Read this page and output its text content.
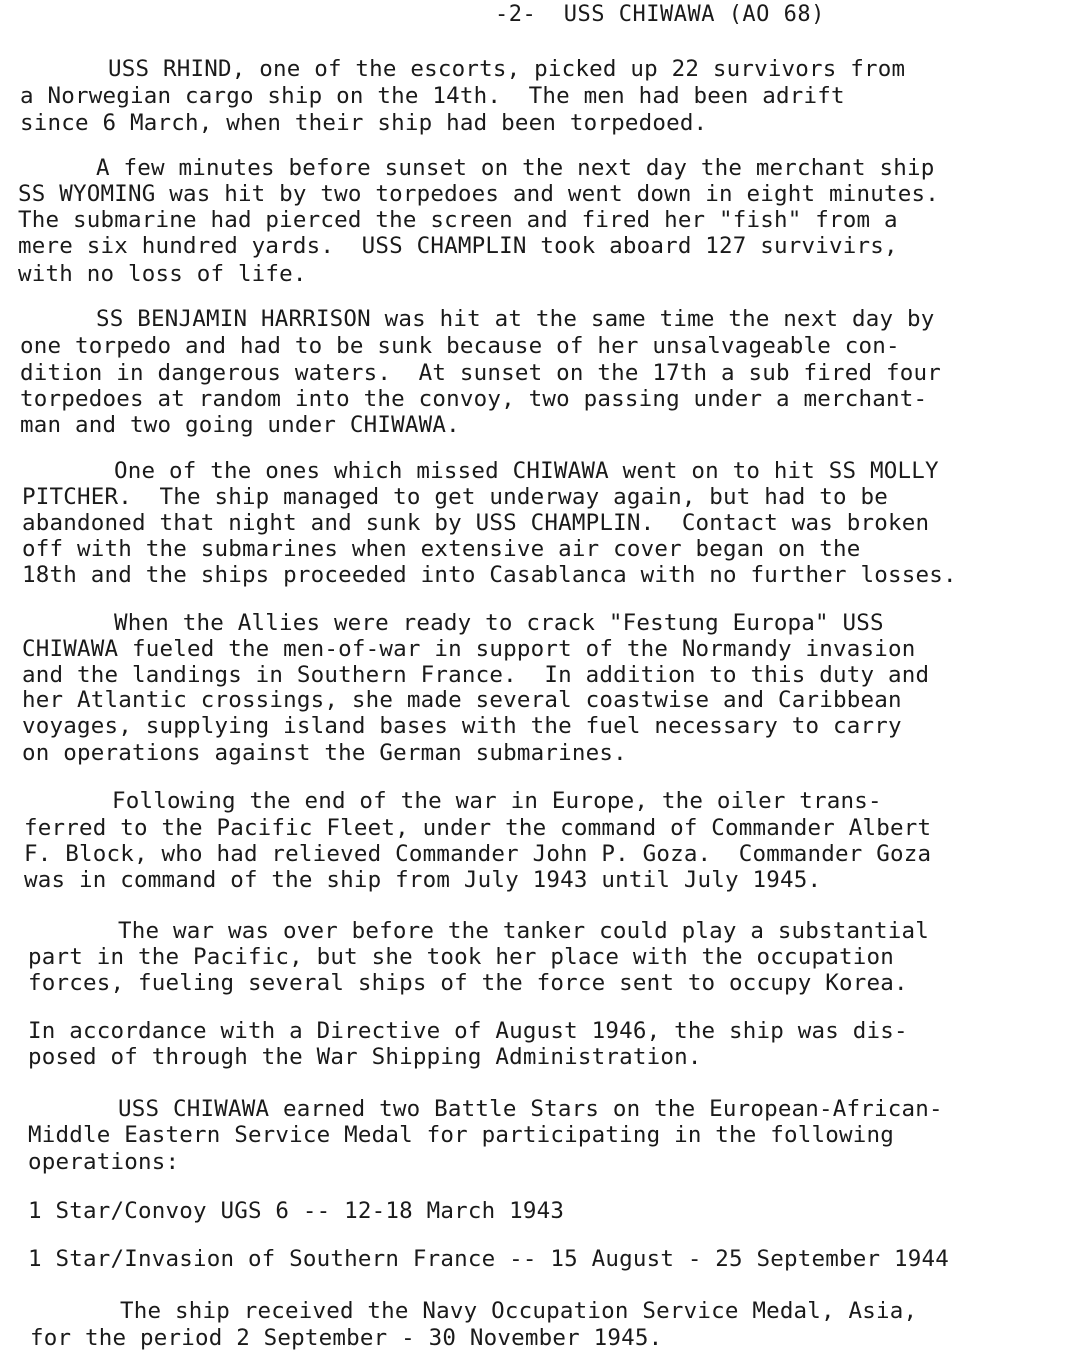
-2- USS CHIWAWA (AO 68)
USS RHIND, one of the escorts, picked up 22 survivors from
a Norwegian cargo ship on the 14th.  The men had been adrift
since 6 March, when their ship had been torpedoed.
A few minutes before sunset on the next day the merchant ship
SS WYOMING was hit by two torpedoes and went down in eight minutes.
The submarine had pierced the screen and fired her "fish" from a
mere six hundred yards.  USS CHAMPLIN took aboard 127 survivirs,
with no loss of life.
SS BENJAMIN HARRISON was hit at the same time the next day by
one torpedo and had to be sunk because of her unsalvageable con-
dition in dangerous waters.  At sunset on the 17th a sub fired four
torpedoes at random into the convoy, two passing under a merchant-
man and two going under CHIWAWA.
One of the ones which missed CHIWAWA went on to hit SS MOLLY
PITCHER.  The ship managed to get underway again, but had to be
abandoned that night and sunk by USS CHAMPLIN.  Contact was broken
off with the submarines when extensive air cover began on the
18th and the ships proceeded into Casablanca with no further losses.
When the Allies were ready to crack "Festung Europa" USS
CHIWAWA fueled the men-of-war in support of the Normandy invasion
and the landings in Southern France.  In addition to this duty and
her Atlantic crossings, she made several coastwise and Caribbean
voyages, supplying island bases with the fuel necessary to carry
on operations against the German submarines.
Following the end of the war in Europe, the oiler trans-
ferred to the Pacific Fleet, under the command of Commander Albert
F. Block, who had relieved Commander John P. Goza.  Commander Goza
was in command of the ship from July 1943 until July 1945.
The war was over before the tanker could play a substantial
part in the Pacific, but she took her place with the occupation
forces, fueling several ships of the force sent to occupy Korea.
In accordance with a Directive of August 1946, the ship was dis-
posed of through the War Shipping Administration.
USS CHIWAWA earned two Battle Stars on the European-African-
Middle Eastern Service Medal for participating in the following
operations:
1 Star/Convoy UGS 6 -- 12-18 March 1943
1 Star/Invasion of Southern France -- 15 August - 25 September 1944
The ship received the Navy Occupation Service Medal, Asia,
for the period 2 September - 30 November 1945.
